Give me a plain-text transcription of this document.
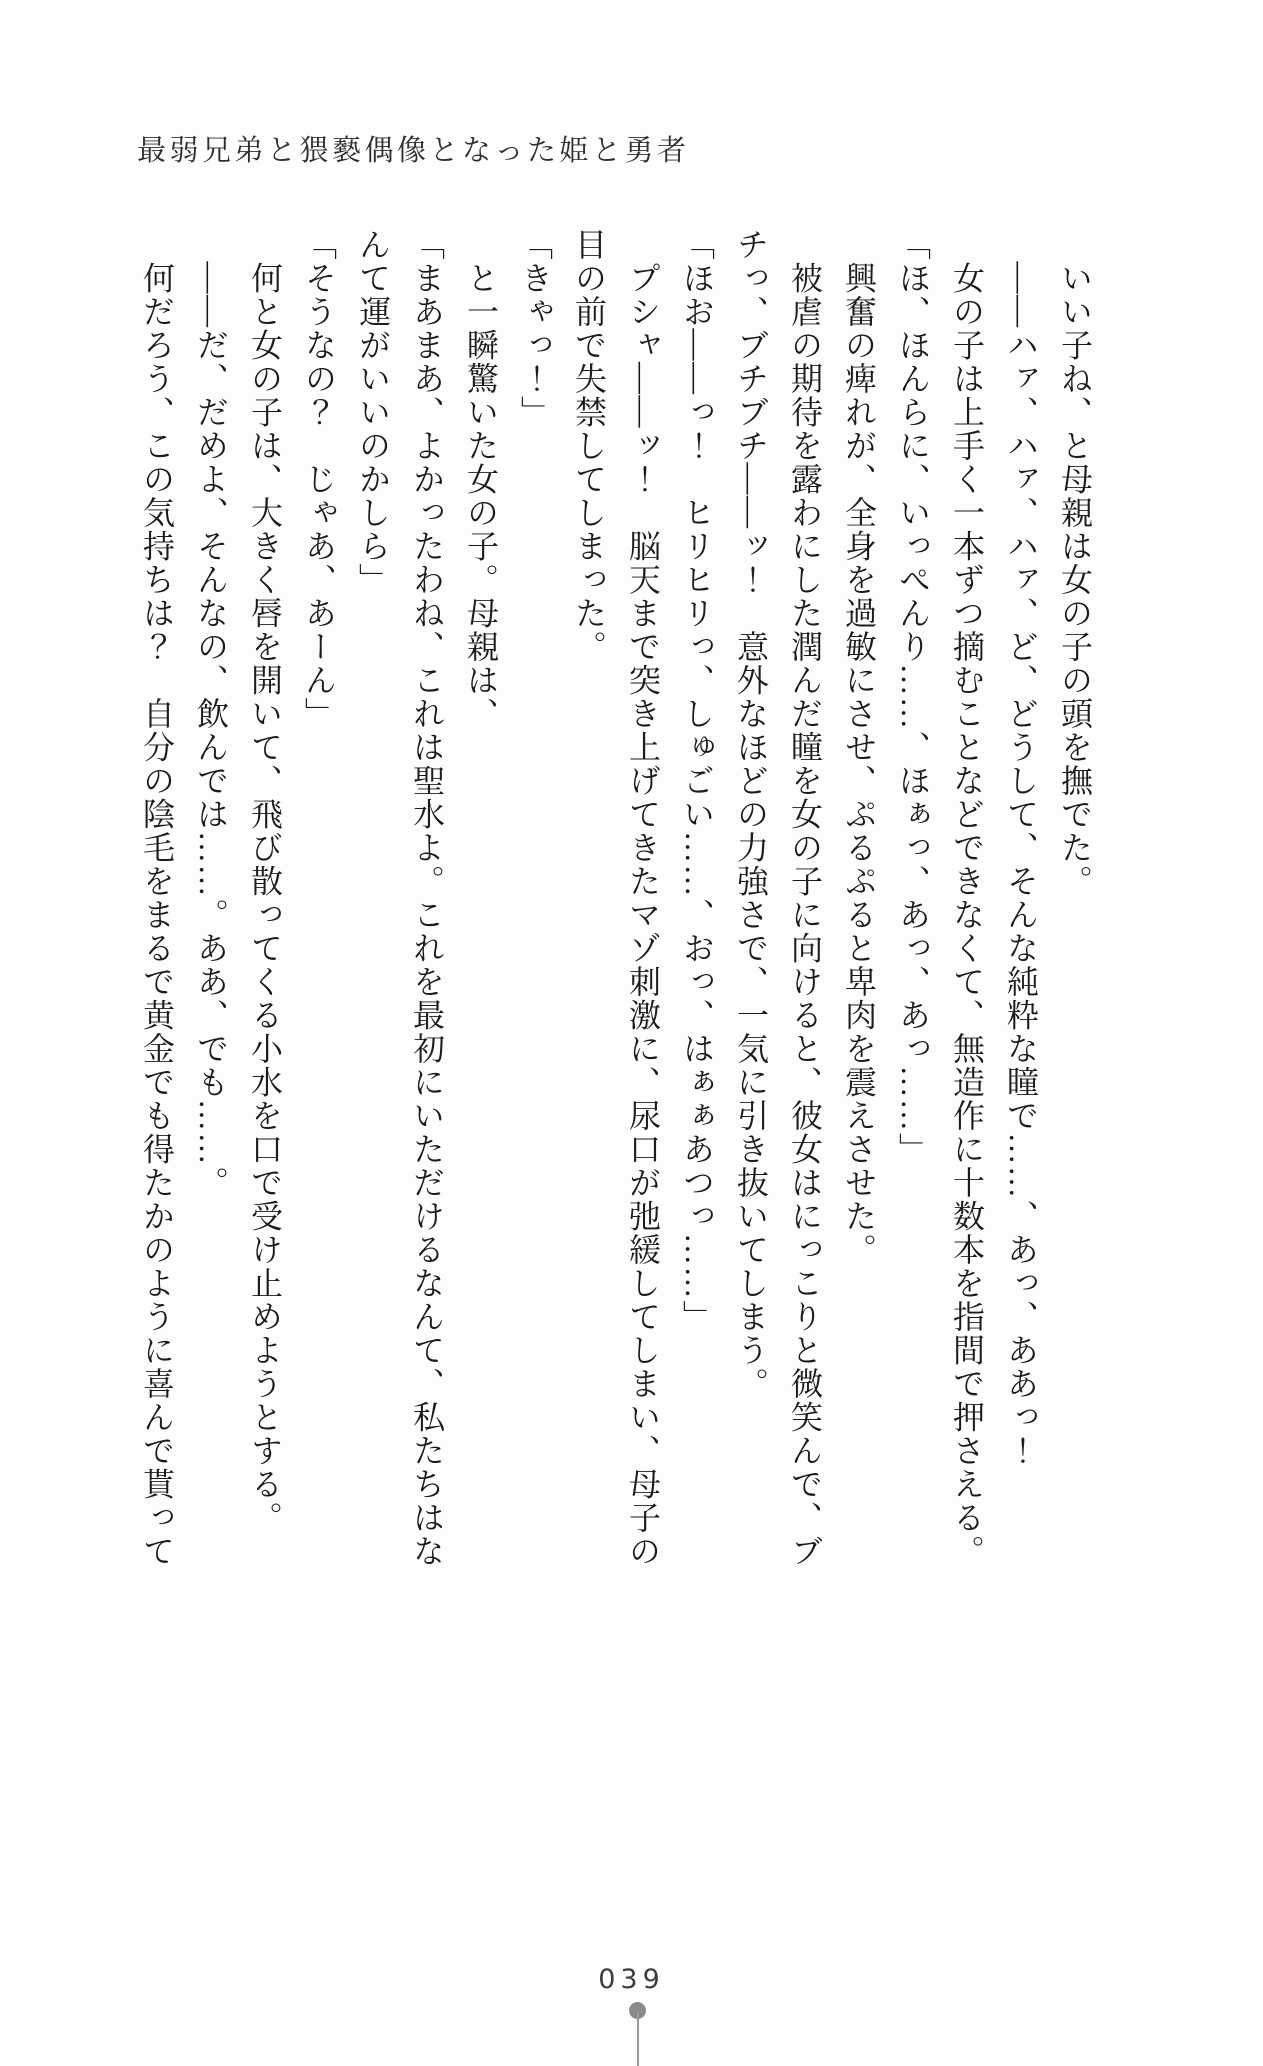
最弱兄弟と猥褻偶像となった姫と勇者

　いい子ね、と母親は女の子の頭を撫でた。

　――ハァ、ハァ、ハァ、ど、どうして、そんな純粋な瞳で……、あっ、ああっ！

　女の子は上手く一本ずつ摘むことなどできなくて、無造作に十数本を指間で押さえる。

「ほ、ほんらに、いっぺんり……、ほぁっ、あっ、あっ……」

　興奮の痺れが、全身を過敏にさせ、ぷるぷると卑肉を震えさせた。

　被虐の期待を露わにした潤んだ瞳を女の子に向けると、彼女はにっこりと微笑んで、ブ

チっ、ブチブチ――ッ！　意外なほどの力強さで、一気に引き抜いてしまう。

「ほお――っ！　ヒリヒリっ、しゅごい……、おっ、はぁぁあつっ……」

　プシャ――ッ！　脳天まで突き上げてきたマゾ刺激に、尿口が弛緩してしまい、母子の

目の前で失禁してしまった。

「きゃっ！」

　と一瞬驚いた女の子。母親は、

「まあまあ、よかったわね、これは聖水よ。これを最初にいただけるなんて、私たちはな

んて運がいいのかしら」

「そうなの？　じゃあ、あーん」

　何と女の子は、大きく唇を開いて、飛び散ってくる小水を口で受け止めようとする。

　――だ、だめよ、そんなの、飲んでは……。ああ、でも……。

　何だろう、この気持ちは？　自分の陰毛をまるで黄金でも得たかのように喜んで貰って

039
